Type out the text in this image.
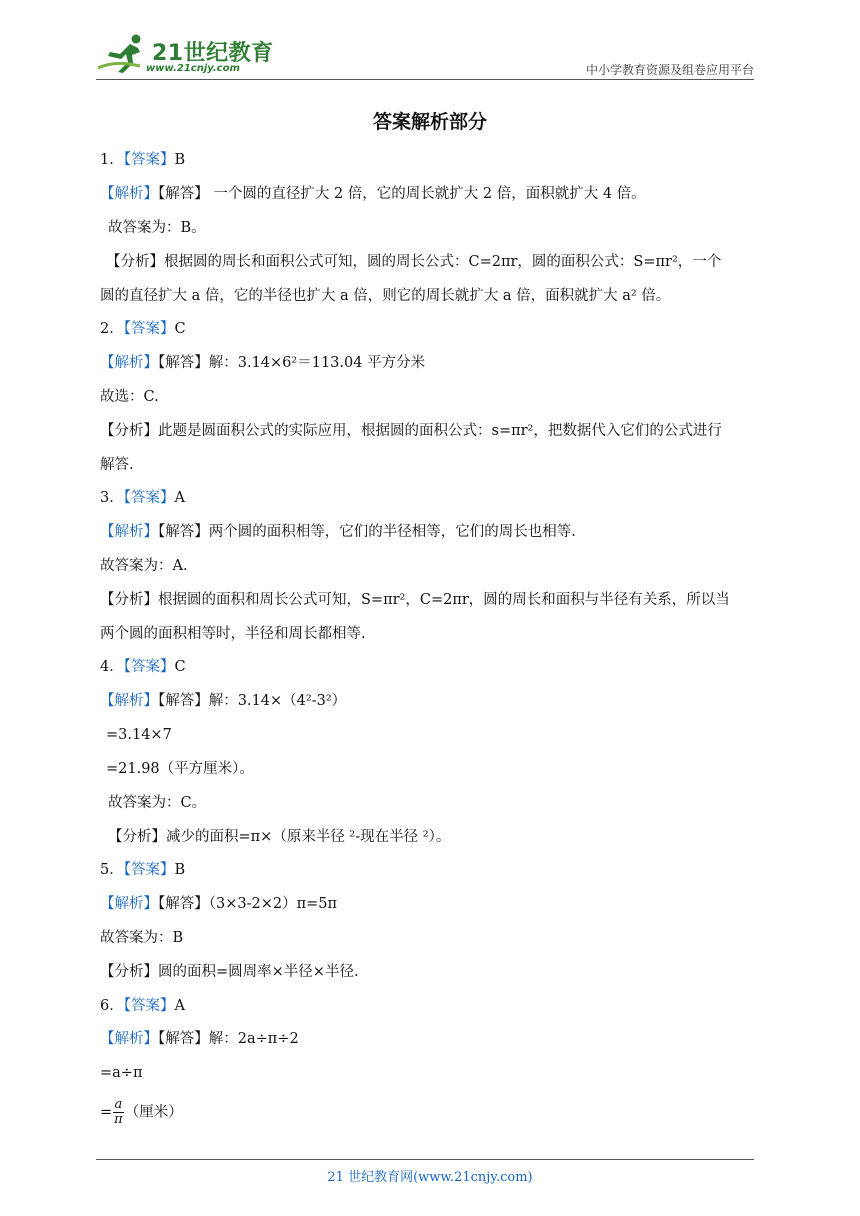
21世纪教育
www.21cnjy.com	中小学教育资源及组卷应用平台
答案解析部分
1．【答案】B
【解析】【解答】 一个圆的直径扩大 2 倍，它的周长就扩大 2 倍，面积就扩大 4 倍。
故答案为：B。
【分析】根据圆的周长和面积公式可知，圆的周长公式：C=2πr，圆的面积公式：S=πr²，一个
圆的直径扩大 a 倍，它的半径也扩大 a 倍，则它的周长就扩大 a 倍，面积就扩大 a² 倍。
2．【答案】C
【解析】【解答】解：3.14×6²＝113.04 平方分米
故选：C.
【分析】此题是圆面积公式的实际应用，根据圆的面积公式：s=πr²，把数据代入它们的公式进行
解答.
3．【答案】A
【解析】【解答】两个圆的面积相等，它们的半径相等，它们的周长也相等.
故答案为：A.
【分析】根据圆的面积和周长公式可知，S=πr²，C=2πr，圆的周长和面积与半径有关系，所以当
两个圆的面积相等时，半径和周长都相等.
4．【答案】C
【解析】【解答】解：3.14×（4²-3²）
=3.14×7
=21.98（平方厘米）。
故答案为：C。
【分析】减少的面积=π×（原来半径 ²-现在半径 ²）。
5．【答案】B
【解析】【解答】（3×3-2×2）π=5π
故答案为：B
【分析】圆的面积=圆周率×半径×半径.
6．【答案】A
【解析】【解答】解：2a÷π÷2
=a÷π
= $\frac{a}{\pi}$ （厘米）
21 世纪教育网(www.21cnjy.com)
